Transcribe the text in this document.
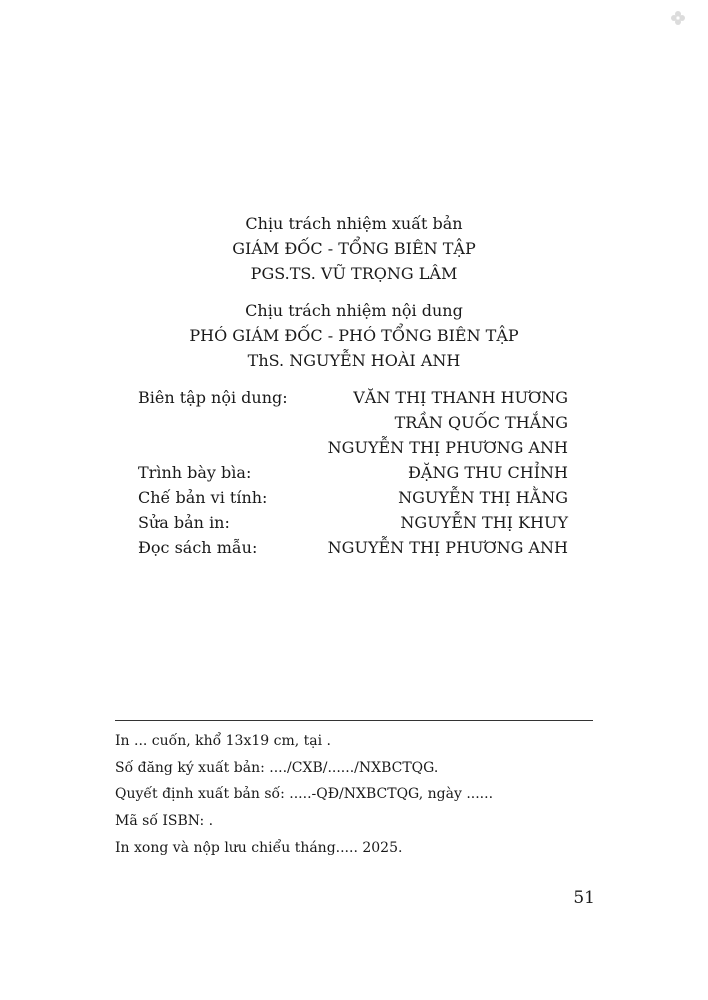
Chịu trách nhiệm xuất bản
GIÁM ĐỐC - TỔNG BIÊN TẬP
PGS.TS. VŨ TRỌNG LÂM
Chịu trách nhiệm nội dung
PHÓ GIÁM ĐỐC - PHÓ TỔNG BIÊN TẬP
ThS. NGUYỄN HOÀI ANH
Biên tập nội dung:	VĂN THỊ THANH HƯƠNG
TRẦN QUỐC THẮNG
NGUYỄN THỊ PHƯƠNG ANH
Trình bày bìa:	ĐẶNG THU CHỈNH
Chế bản vi tính:	NGUYỄN THỊ HẰNG
Sửa bản in:	NGUYỄN THỊ KHUY
Đọc sách mẫu:	NGUYỄN THỊ PHƯƠNG ANH
In ... cuốn, khổ 13x19 cm, tại .
Số đăng ký xuất bản: ..../CXB/....../NXBCTQG.
Quyết định xuất bản số: .....-QĐ/NXBCTQG, ngày ......
Mã số ISBN: .
In xong và nộp lưu chiểu tháng..... 2025.
51
